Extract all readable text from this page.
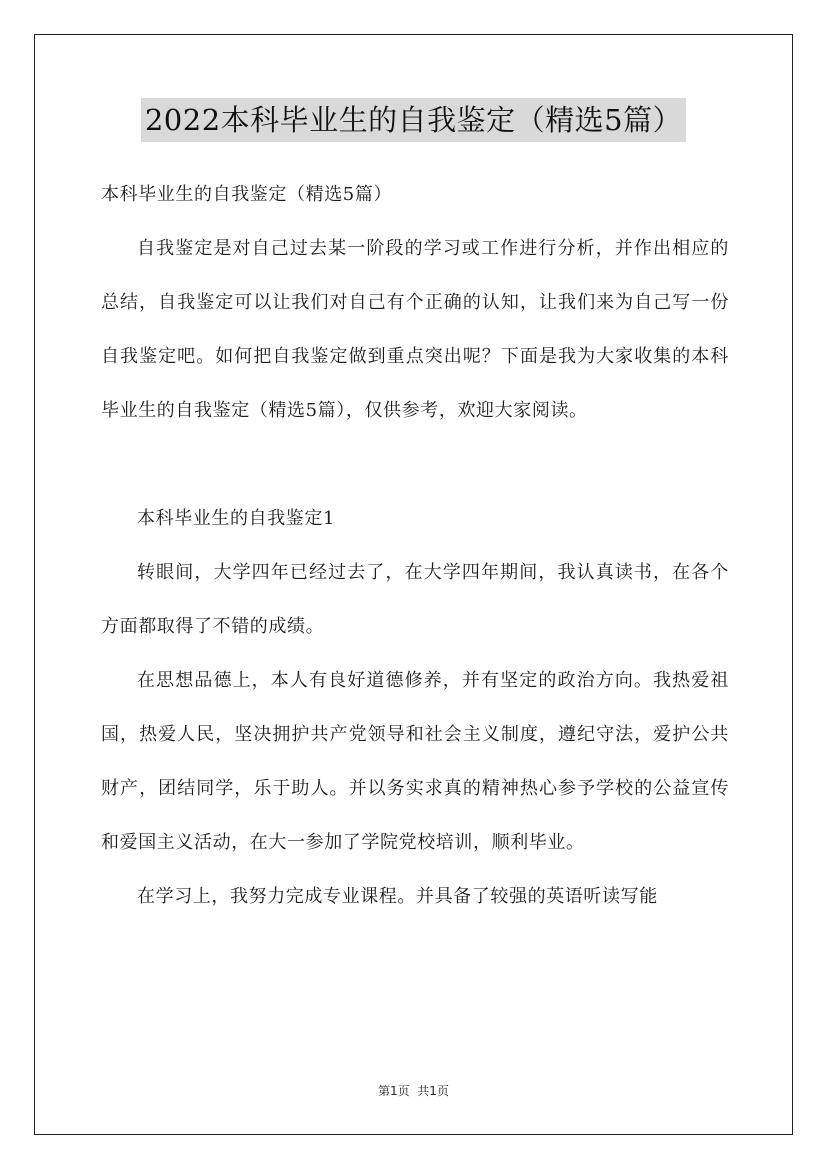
2022本科毕业生的自我鉴定（精选5篇）

本科毕业生的自我鉴定（精选5篇）

自我鉴定是对自己过去某一阶段的学习或工作进行分析，并作出相应的总结，自我鉴定可以让我们对自己有个正确的认知，让我们来为自己写一份自我鉴定吧。如何把自我鉴定做到重点突出呢？下面是我为大家收集的本科毕业生的自我鉴定（精选5篇），仅供参考，欢迎大家阅读。

本科毕业生的自我鉴定1

转眼间，大学四年已经过去了，在大学四年期间，我认真读书，在各个方面都取得了不错的成绩。

在思想品德上，本人有良好道德修养，并有坚定的政治方向。我热爱祖国，热爱人民，坚决拥护共产党领导和社会主义制度，遵纪守法，爱护公共财产，团结同学，乐于助人。并以务实求真的精神热心参予学校的公益宣传和爱国主义活动，在大一参加了学院党校培训，顺利毕业。

在学习上，我努力完成专业课程。并具备了较强的英语听读写能

第1页  共1页
